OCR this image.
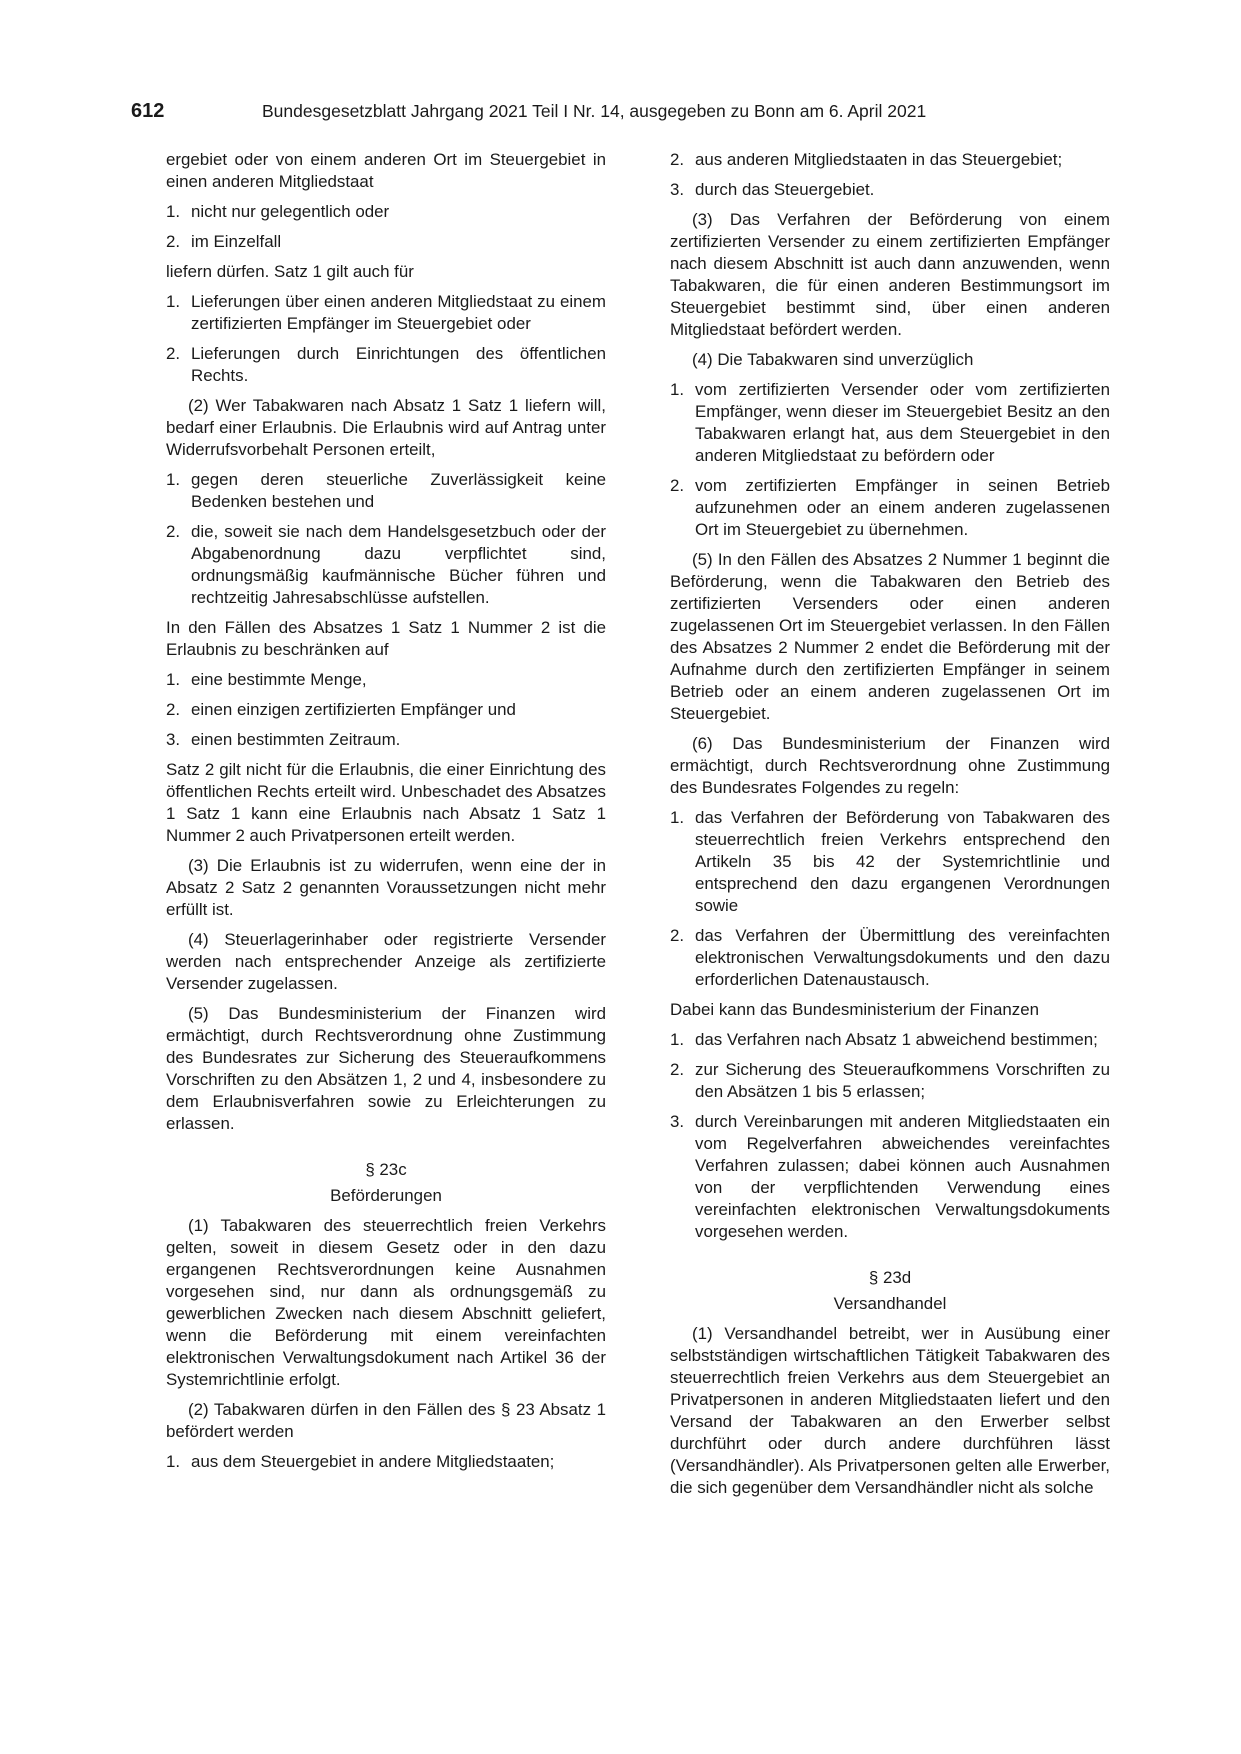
612	Bundesgesetzblatt Jahrgang 2021 Teil I Nr. 14, ausgegeben zu Bonn am 6. April 2021

ergebiet oder von einem anderen Ort im Steuergebiet in einen anderen Mitgliedstaat

1. nicht nur gelegentlich oder
2. im Einzelfall

liefern dürfen. Satz 1 gilt auch für

1. Lieferungen über einen anderen Mitgliedstaat zu einem zertifizierten Empfänger im Steuergebiet oder
2. Lieferungen durch Einrichtungen des öffentlichen Rechts.

(2) Wer Tabakwaren nach Absatz 1 Satz 1 liefern will, bedarf einer Erlaubnis. Die Erlaubnis wird auf Antrag unter Widerrufsvorbehalt Personen erteilt,

1. gegen deren steuerliche Zuverlässigkeit keine Bedenken bestehen und
2. die, soweit sie nach dem Handelsgesetzbuch oder der Abgabenordnung dazu verpflichtet sind, ordnungsmäßig kaufmännische Bücher führen und rechtzeitig Jahresabschlüsse aufstellen.

In den Fällen des Absatzes 1 Satz 1 Nummer 2 ist die Erlaubnis zu beschränken auf

1. eine bestimmte Menge,
2. einen einzigen zertifizierten Empfänger und
3. einen bestimmten Zeitraum.

Satz 2 gilt nicht für die Erlaubnis, die einer Einrichtung des öffentlichen Rechts erteilt wird. Unbeschadet des Absatzes 1 Satz 1 kann eine Erlaubnis nach Absatz 1 Satz 1 Nummer 2 auch Privatpersonen erteilt werden.

(3) Die Erlaubnis ist zu widerrufen, wenn eine der in Absatz 2 Satz 2 genannten Voraussetzungen nicht mehr erfüllt ist.

(4) Steuerlagerinhaber oder registrierte Versender werden nach entsprechender Anzeige als zertifizierte Versender zugelassen.

(5) Das Bundesministerium der Finanzen wird ermächtigt, durch Rechtsverordnung ohne Zustimmung des Bundesrates zur Sicherung des Steueraufkommens Vorschriften zu den Absätzen 1, 2 und 4, insbesondere zu dem Erlaubnisverfahren sowie zu Erleichterungen zu erlassen.

§ 23c
Beförderungen

(1) Tabakwaren des steuerrechtlich freien Verkehrs gelten, soweit in diesem Gesetz oder in den dazu ergangenen Rechtsverordnungen keine Ausnahmen vorgesehen sind, nur dann als ordnungsgemäß zu gewerblichen Zwecken nach diesem Abschnitt geliefert, wenn die Beförderung mit einem vereinfachten elektronischen Verwaltungsdokument nach Artikel 36 der Systemrichtlinie erfolgt.

(2) Tabakwaren dürfen in den Fällen des § 23 Absatz 1 befördert werden

1. aus dem Steuergebiet in andere Mitgliedstaaten;
2. aus anderen Mitgliedstaaten in das Steuergebiet;
3. durch das Steuergebiet.

(3) Das Verfahren der Beförderung von einem zertifizierten Versender zu einem zertifizierten Empfänger nach diesem Abschnitt ist auch dann anzuwenden, wenn Tabakwaren, die für einen anderen Bestimmungsort im Steuergebiet bestimmt sind, über einen anderen Mitgliedstaat befördert werden.

(4) Die Tabakwaren sind unverzüglich

1. vom zertifizierten Versender oder vom zertifizierten Empfänger, wenn dieser im Steuergebiet Besitz an den Tabakwaren erlangt hat, aus dem Steuergebiet in den anderen Mitgliedstaat zu befördern oder
2. vom zertifizierten Empfänger in seinen Betrieb aufzunehmen oder an einem anderen zugelassenen Ort im Steuergebiet zu übernehmen.

(5) In den Fällen des Absatzes 2 Nummer 1 beginnt die Beförderung, wenn die Tabakwaren den Betrieb des zertifizierten Versenders oder einen anderen zugelassenen Ort im Steuergebiet verlassen. In den Fällen des Absatzes 2 Nummer 2 endet die Beförderung mit der Aufnahme durch den zertifizierten Empfänger in seinem Betrieb oder an einem anderen zugelassenen Ort im Steuergebiet.

(6) Das Bundesministerium der Finanzen wird ermächtigt, durch Rechtsverordnung ohne Zustimmung des Bundesrates Folgendes zu regeln:

1. das Verfahren der Beförderung von Tabakwaren des steuerrechtlich freien Verkehrs entsprechend den Artikeln 35 bis 42 der Systemrichtlinie und entsprechend den dazu ergangenen Verordnungen sowie
2. das Verfahren der Übermittlung des vereinfachten elektronischen Verwaltungsdokuments und den dazu erforderlichen Datenaustausch.

Dabei kann das Bundesministerium der Finanzen

1. das Verfahren nach Absatz 1 abweichend bestimmen;
2. zur Sicherung des Steueraufkommens Vorschriften zu den Absätzen 1 bis 5 erlassen;
3. durch Vereinbarungen mit anderen Mitgliedstaaten ein vom Regelverfahren abweichendes vereinfachtes Verfahren zulassen; dabei können auch Ausnahmen von der verpflichtenden Verwendung eines vereinfachten elektronischen Verwaltungsdokuments vorgesehen werden.
§ 23d
Versandhandel

(1) Versandhandel betreibt, wer in Ausübung einer selbstständigen wirtschaftlichen Tätigkeit Tabakwaren des steuerrechtlich freien Verkehrs aus dem Steuergebiet an Privatpersonen in anderen Mitgliedstaaten liefert und den Versand der Tabakwaren an den Erwerber selbst durchführt oder durch andere durchführen lässt (Versandhändler). Als Privatpersonen gelten alle Erwerber, die sich gegenüber dem Versandhändler nicht als solche
